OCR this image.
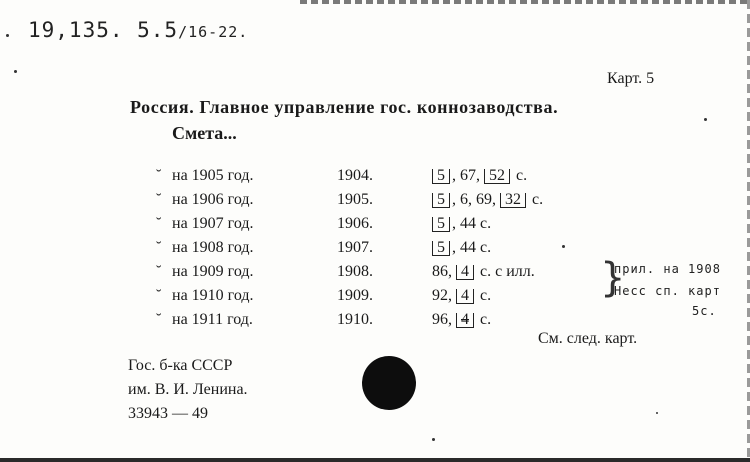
19,135. 5.5/16-22.
Карт. 5
Россия. Главное управление гос. коннозаводства.
Смета...
˘ на 1905 год.	1904.	5 , 67, 52 с.
˘ на 1906 год.	1905.	5 , 6, 69, 32 с.
˘ на 1907 год.	1906.	5 , 44 с.
˘ на 1908 год.	1907.	5 , 44 с.
˘ на 1909 год.	1908.	86, 4 с. с илл.
˘ на 1910 год.	1909.	92, 4 с.
˘ на 1911 год.	1910.	96, 4 с.
}
прил. на 1908
Несс сп. карт
5с.
См. след. карт.
Гос. б-ка СССР
им. В. И. Ленина.
33943 — 49
